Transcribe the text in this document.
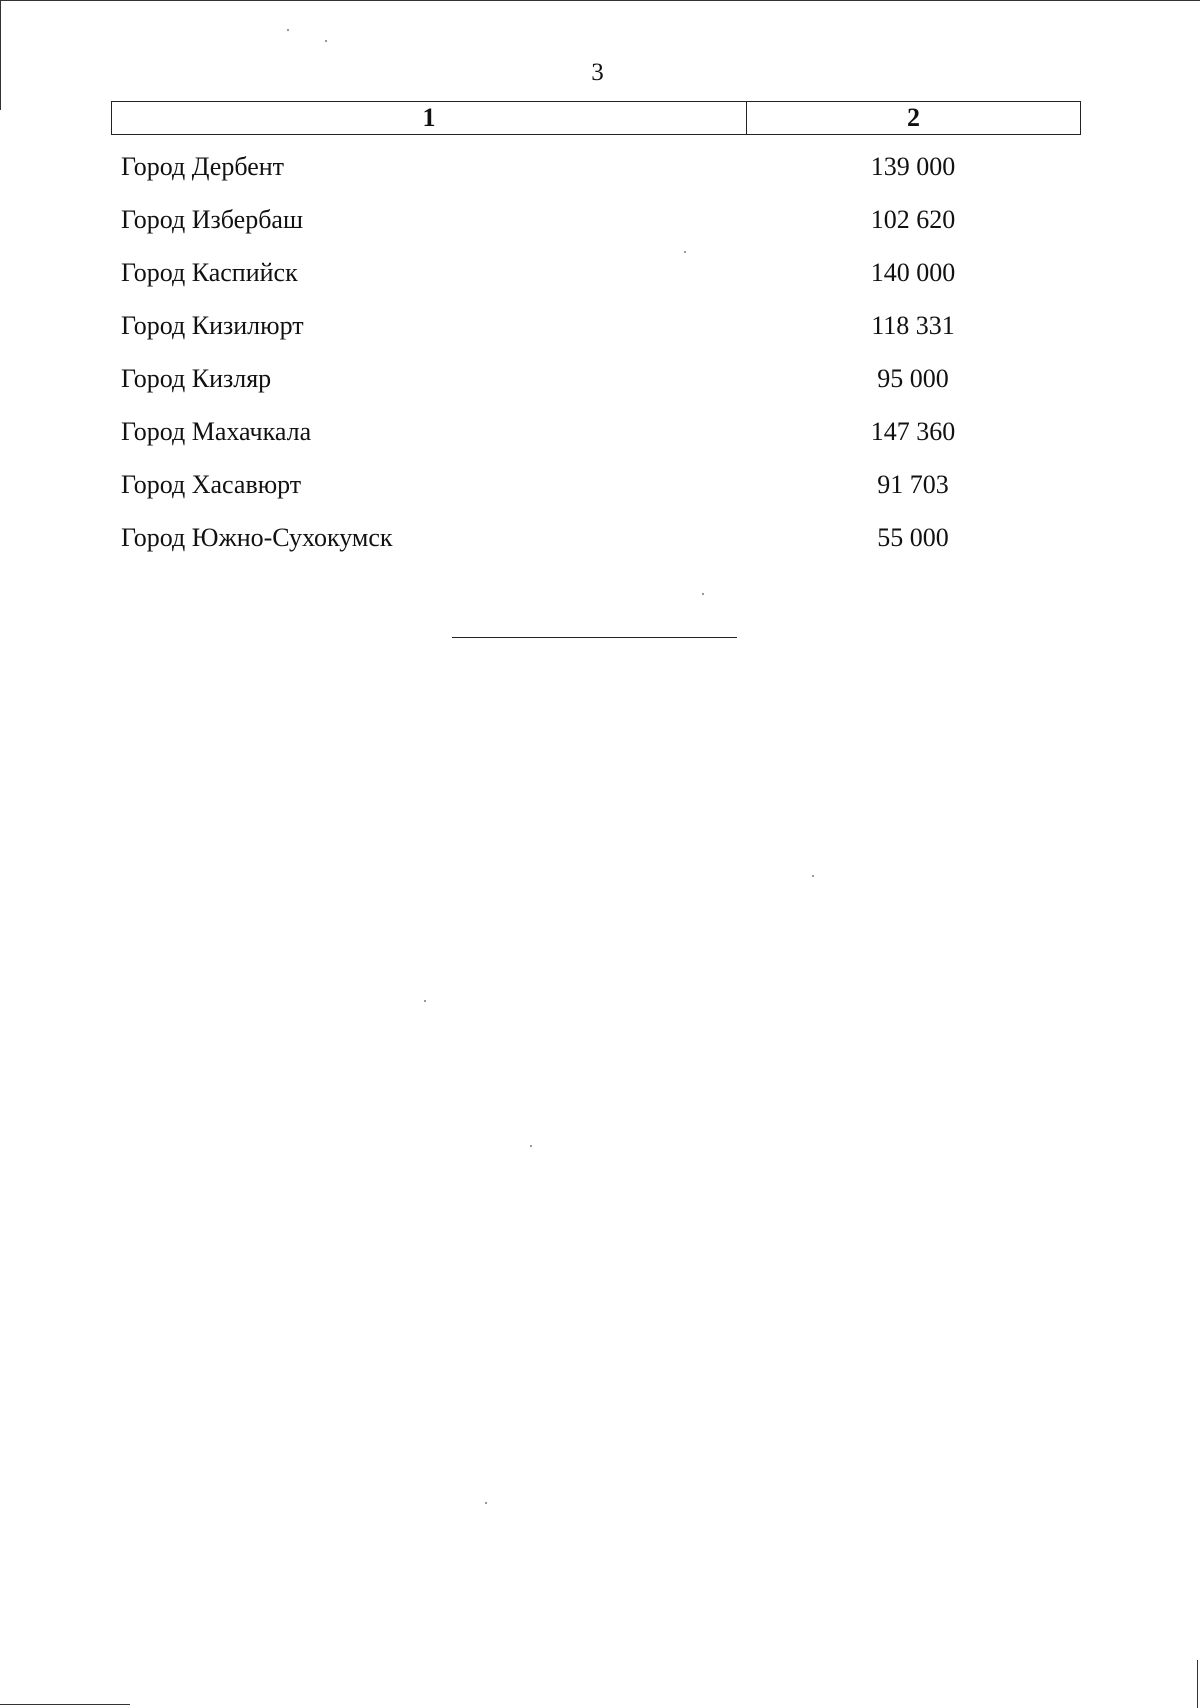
3
1	2
Город Дербент	139 000
Город Избербаш	102 620
Город Каспийск	140 000
Город Кизилюрт	118 331
Город Кизляр	95 000
Город Махачкала	147 360
Город Хасавюрт	91 703
Город Южно-Сухокумск	55 000
